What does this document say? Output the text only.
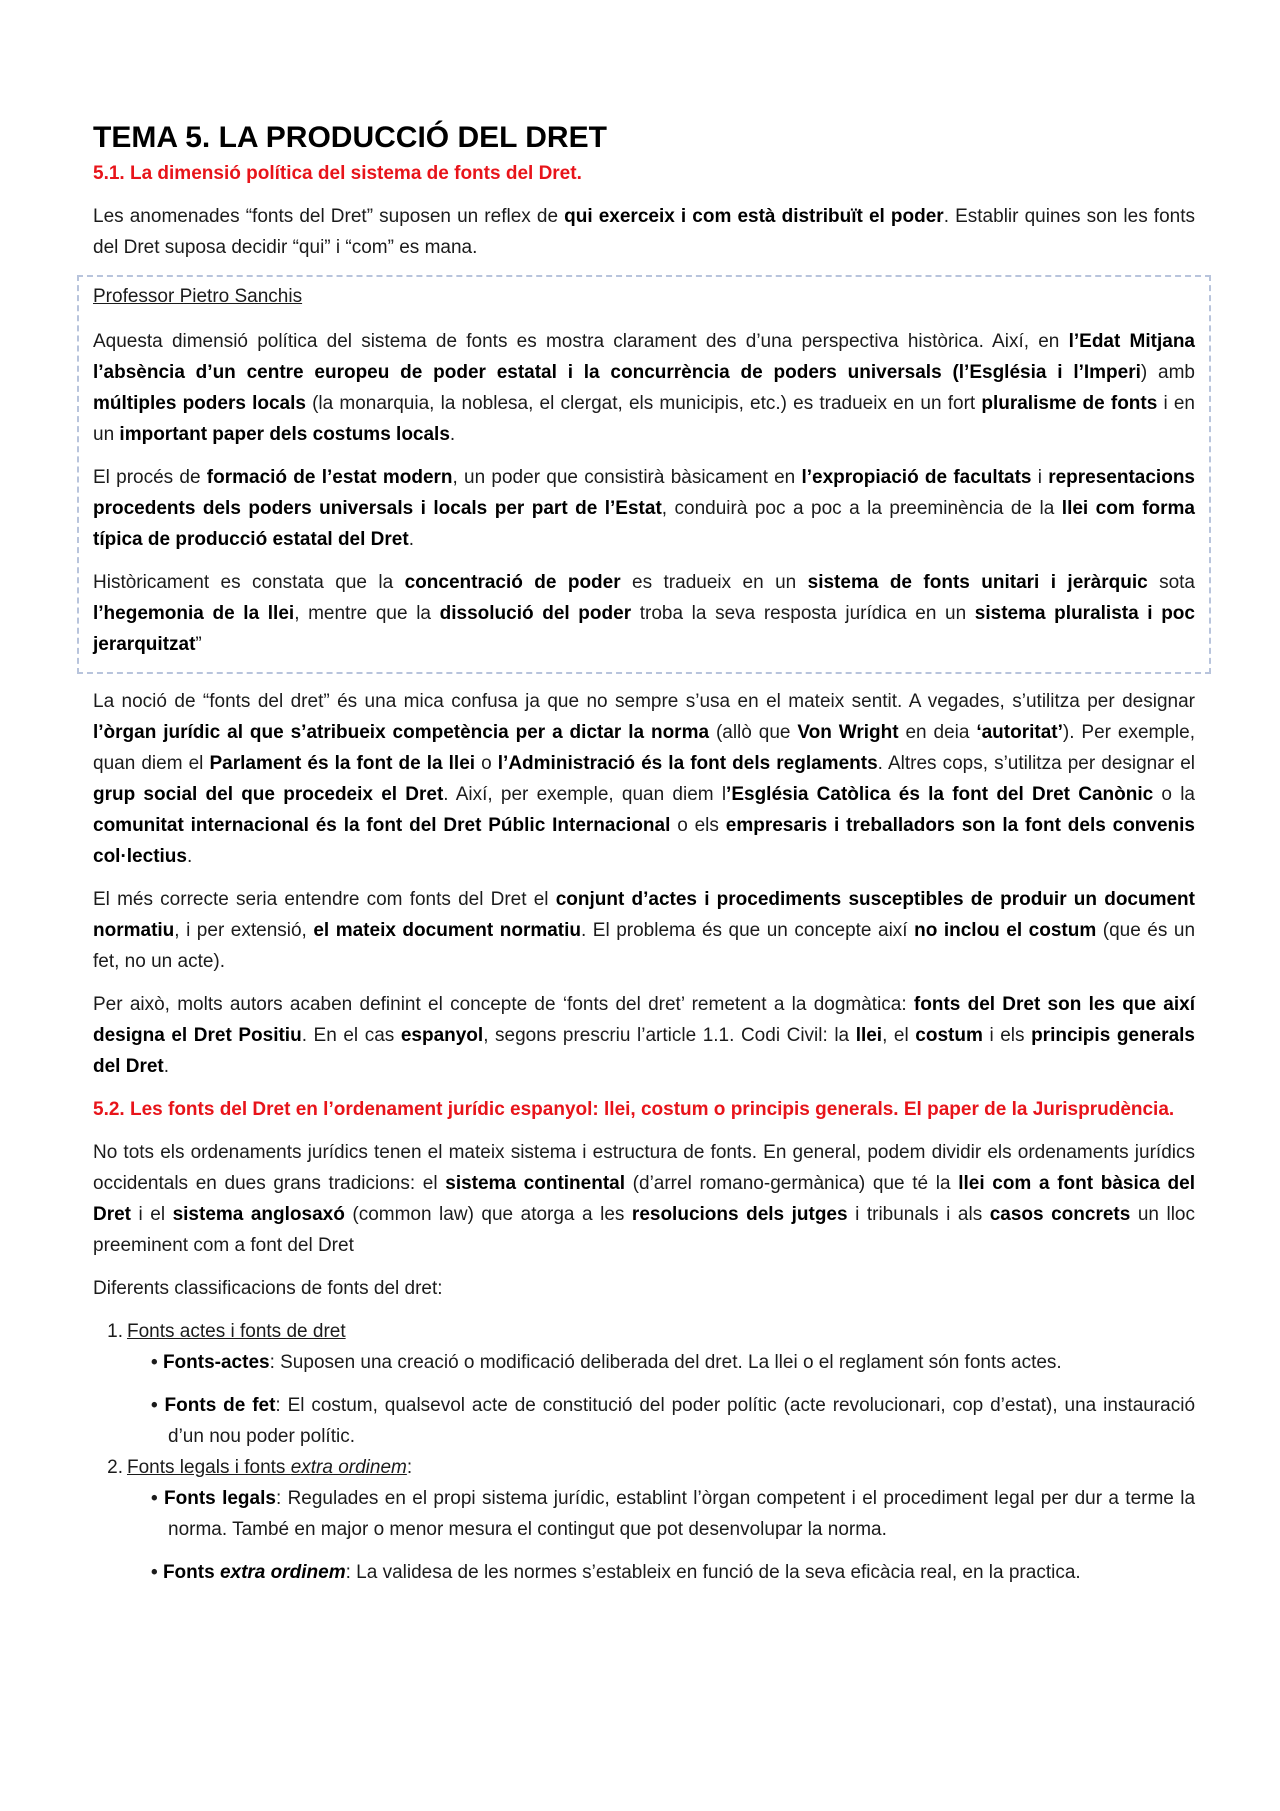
TEMA 5. LA PRODUCCIÓ DEL DRET
5.1. La dimensió política del sistema de fonts del Dret.

Les anomenades “fonts del Dret” suposen un reflex de qui exerceix i com està distribuït el poder. Establir quines son les fonts del Dret suposa decidir “qui” i “com” es mana.

Professor Pietro Sanchis

Aquesta dimensió política del sistema de fonts es mostra clarament des d’una perspectiva històrica. Així, en l’Edat Mitjana l’absència d’un centre europeu de poder estatal i la concurrència de poders universals (l’Església i l’Imperi) amb múltiples poders locals (la monarquia, la noblesa, el clergat, els municipis, etc.) es tradueix en un fort pluralisme de fonts i en un important paper dels costums locals.

El procés de formació de l’estat modern, un poder que consistirà bàsicament en l’expropiació de facultats i representacions procedents dels poders universals i locals per part de l’Estat, conduirà poc a poc a la preeminència de la llei com forma típica de producció estatal del Dret.

Històricament es constata que la concentració de poder es tradueix en un sistema de fonts unitari i jeràrquic sota l’hegemonia de la llei, mentre que la dissolució del poder troba la seva resposta jurídica en un sistema pluralista i poc jerarquitzat”

La noció de “fonts del dret” és una mica confusa ja que no sempre s’usa en el mateix sentit. A vegades, s’utilitza per designar l’òrgan jurídic al que s’atribueix competència per a dictar la norma (allò que Von Wright en deia ‘autoritat’). Per exemple, quan diem el Parlament és la font de la llei o l’Administració és la font dels reglaments. Altres cops, s’utilitza per designar el grup social del que procedeix el Dret. Així, per exemple, quan diem l’Església Catòlica és la font del Dret Canònic o la comunitat internacional és la font del Dret Públic Internacional o els empresaris i treballadors son la font dels convenis col·lectius.

El més correcte seria entendre com fonts del Dret el conjunt d’actes i procediments susceptibles de produir un document normatiu, i per extensió, el mateix document normatiu. El problema és que un concepte així no inclou el costum (que és un fet, no un acte).

Per això, molts autors acaben definint el concepte de ‘fonts del dret’ remetent a la dogmàtica: fonts del Dret son les que així designa el Dret Positiu. En el cas espanyol, segons prescriu l’article 1.1. Codi Civil: la llei, el costum i els principis generals del Dret.

5.2. Les fonts del Dret en l’ordenament jurídic espanyol: llei, costum o principis generals. El paper de la Jurisprudència.

No tots els ordenaments jurídics tenen el mateix sistema i estructura de fonts. En general, podem dividir els ordenaments jurídics occidentals en dues grans tradicions: el sistema continental (d’arrel romano-germànica) que té la llei com a font bàsica del Dret i el sistema anglosaxó (common law) que atorga a les resolucions dels jutges i tribunals i als casos concrets un lloc preeminent com a font del Dret

Diferents classificacions de fonts del dret:

1. Fonts actes i fonts de dret
• Fonts-actes: Suposen una creació o modificació deliberada del dret. La llei o el reglament són fonts actes.
• Fonts de fet: El costum, qualsevol acte de constitució del poder polític (acte revolucionari, cop d’estat), una instauració d’un nou poder polític.
2. Fonts legals i fonts extra ordinem:
• Fonts legals: Regulades en el propi sistema jurídic, establint l’òrgan competent i el procediment legal per dur a terme la norma. També en major o menor mesura el contingut que pot desenvolupar la norma.
• Fonts extra ordinem: La validesa de les normes s’estableix en funció de la seva eficàcia real, en la practica.
